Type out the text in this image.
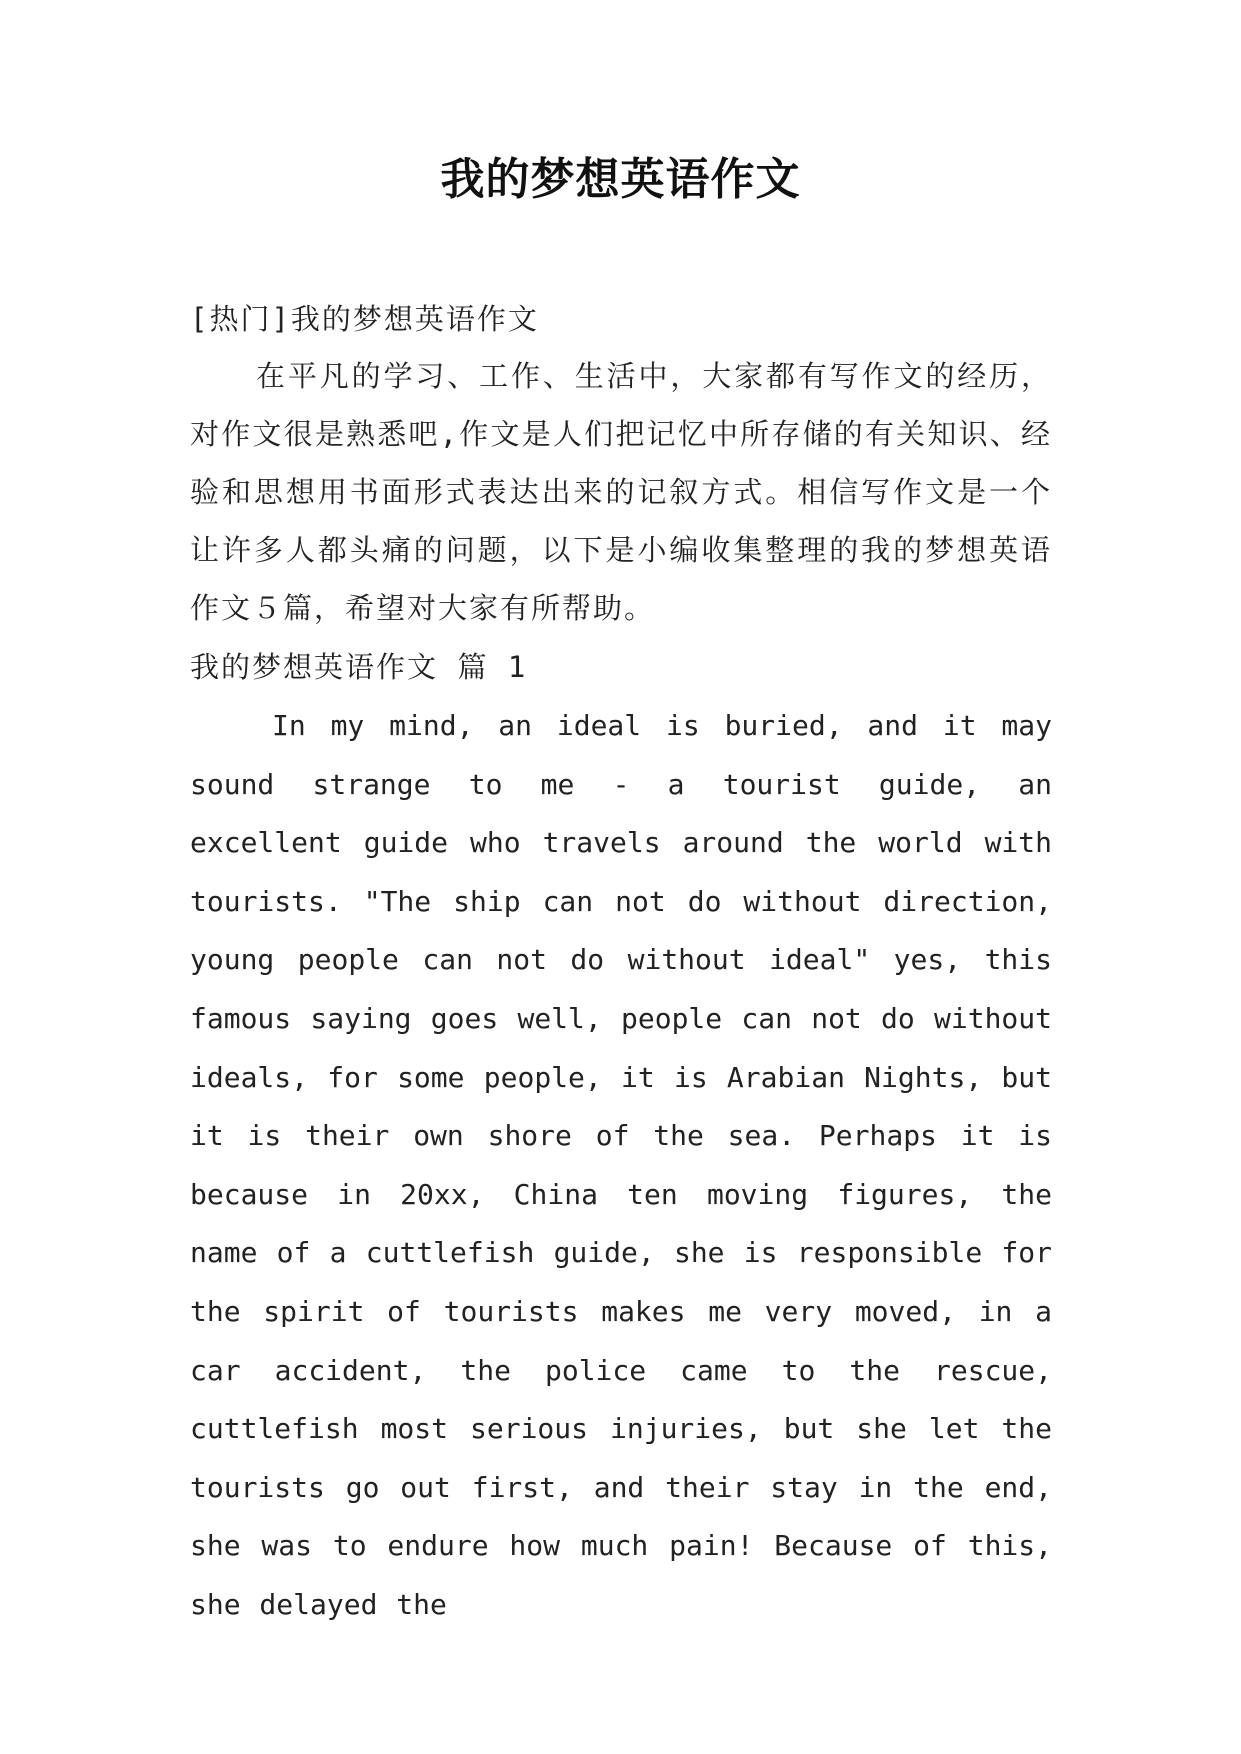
我的梦想英语作文

[热门]我的梦想英语作文

在平凡的学习、工作、生活中，大家都有写作文的经历，对作文很是熟悉吧,作文是人们把记忆中所存储的有关知识、经验和思想用书面形式表达出来的记叙方式。相信写作文是一个让许多人都头痛的问题，以下是小编收集整理的我的梦想英语作文５篇，希望对大家有所帮助。

我的梦想英语作文 篇 1

In my mind, an ideal is buried, and it may sound strange to me - a tourist guide, an excellent guide who travels around the world with tourists. "The ship can not do without direction, young people can not do without ideal" yes, this famous saying goes well, people can not do without ideals, for some people, it is Arabian Nights, but it is their own shore of the sea. Perhaps it is because in 20xx, China ten moving figures, the name of a cuttlefish guide, she is responsible for the spirit of tourists makes me very moved, in a car accident, the police came to the rescue, cuttlefish most serious injuries, but she let the tourists go out first, and their stay in the end, she was to endure how much pain! Because of this, she delayed the
